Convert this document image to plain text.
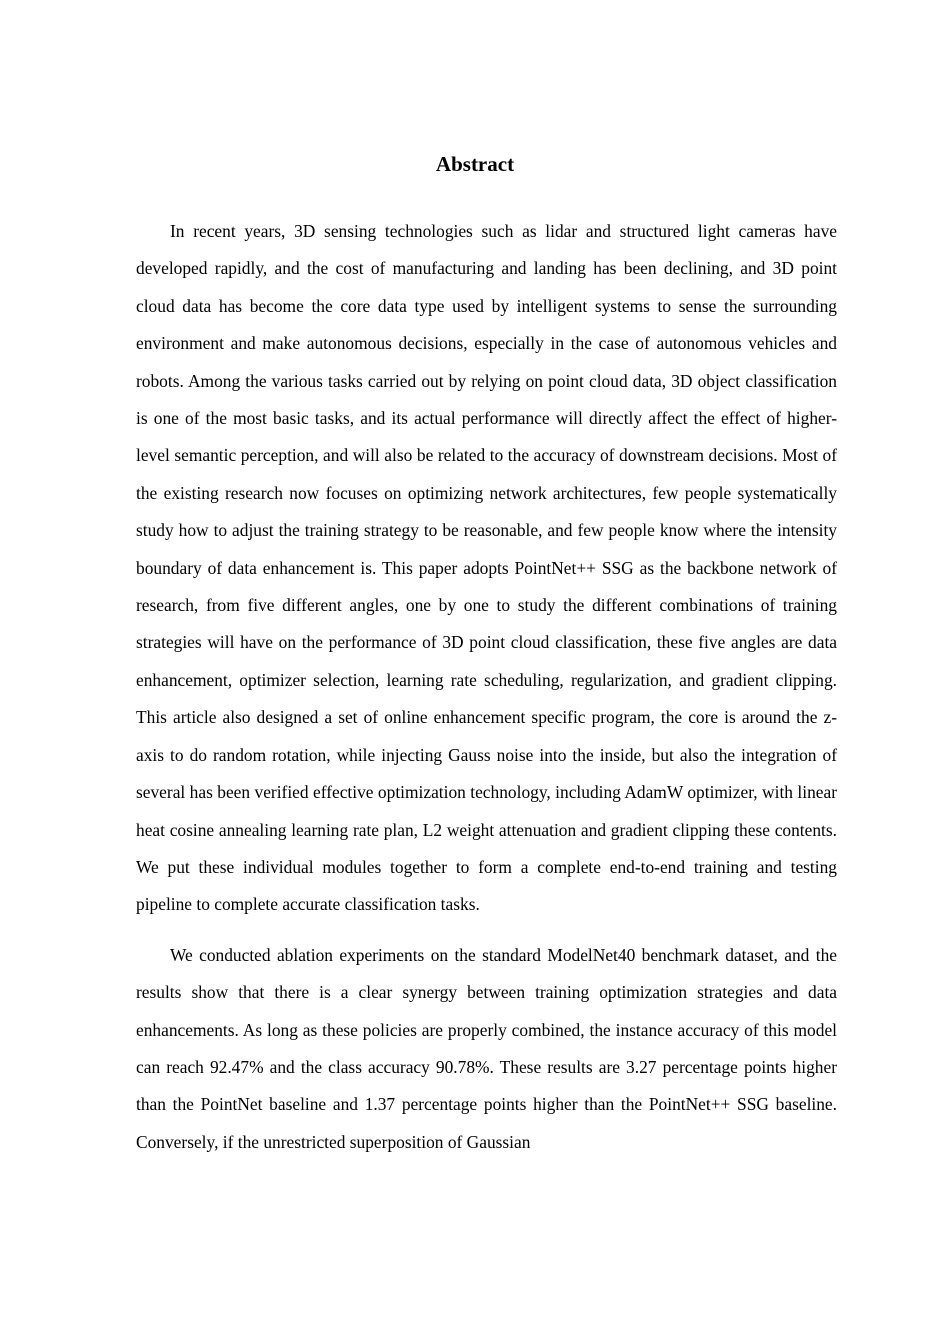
Abstract

In recent years, 3D sensing technologies such as lidar and structured light cameras have developed rapidly, and the cost of manufacturing and landing has been declining, and 3D point cloud data has become the core data type used by intelligent systems to sense the surrounding environment and make autonomous decisions, especially in the case of autonomous vehicles and robots. Among the various tasks carried out by relying on point cloud data, 3D object classification is one of the most basic tasks, and its actual performance will directly affect the effect of higher-level semantic perception, and will also be related to the accuracy of downstream decisions. Most of the existing research now focuses on optimizing network architectures, few people systematically study how to adjust the training strategy to be reasonable, and few people know where the intensity boundary of data enhancement is. This paper adopts PointNet++ SSG as the backbone network of research, from five different angles, one by one to study the different combinations of training strategies will have on the performance of 3D point cloud classification, these five angles are data enhancement, optimizer selection, learning rate scheduling, regularization, and gradient clipping. This article also designed a set of online enhancement specific program, the core is around the z-axis to do random rotation, while injecting Gauss noise into the inside, but also the integration of several has been verified effective optimization technology, including AdamW optimizer, with linear heat cosine annealing learning rate plan, L2 weight attenuation and gradient clipping these contents. We put these individual modules together to form a complete end-to-end training and testing pipeline to complete accurate classification tasks.

We conducted ablation experiments on the standard ModelNet40 benchmark dataset, and the results show that there is a clear synergy between training optimization strategies and data enhancements. As long as these policies are properly combined, the instance accuracy of this model can reach 92.47% and the class accuracy 90.78%. These results are 3.27 percentage points higher than the PointNet baseline and 1.37 percentage points higher than the PointNet++ SSG baseline. Conversely, if the unrestricted superposition of Gaussian
